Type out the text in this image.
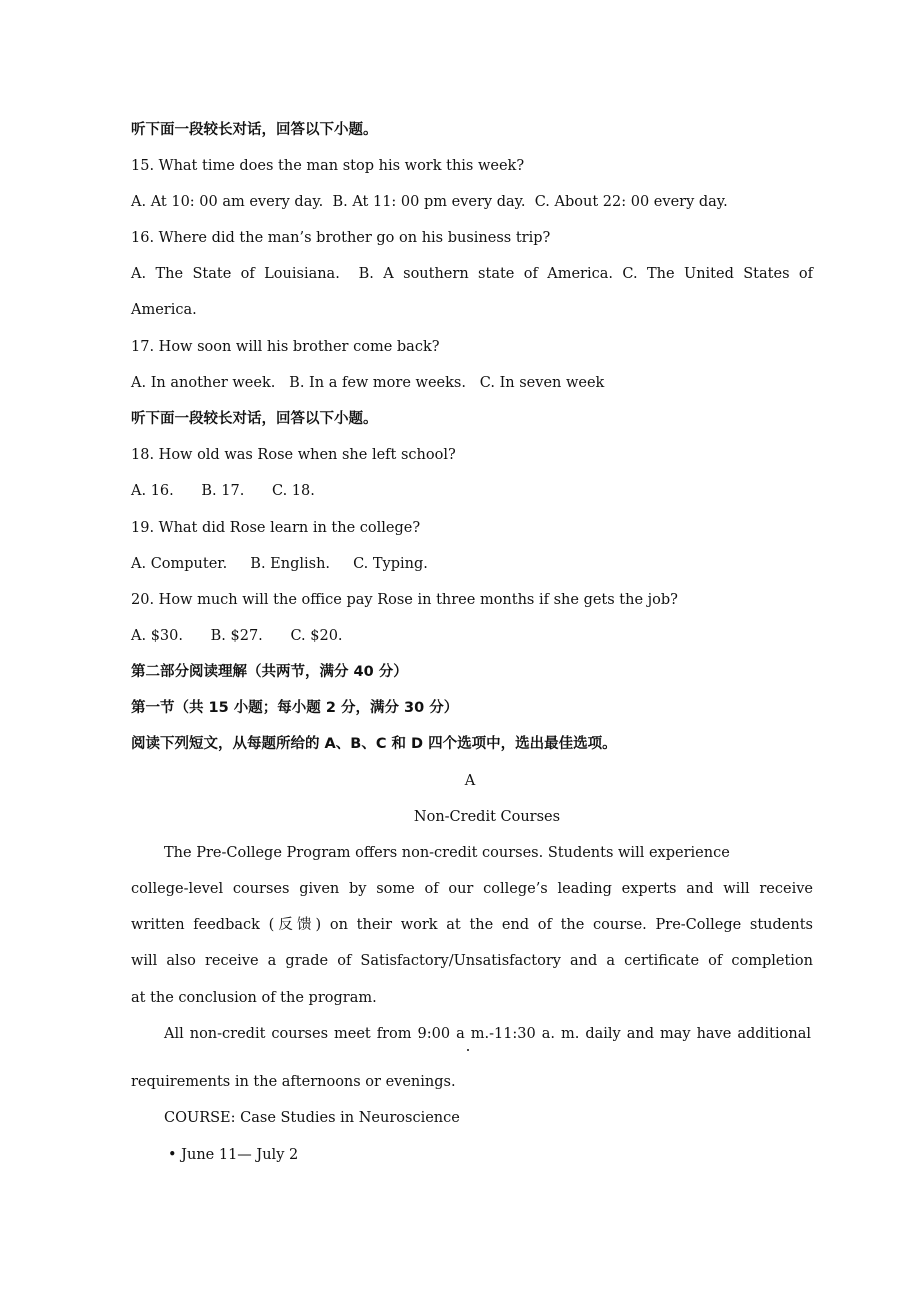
听下面一段较长对话，回答以下小题。
15. What time does the man stop his work this week?
A. At 10: 00 am every day.  B. At 11: 00 pm every day.  C. About 22: 00 every day.
16. Where did the man’s brother go on his business trip?
A. The State of Louisiana.  B. A southern state of America. C. The United States of
America.
17. How soon will his brother come back?
A. In another week.   B. In a few more weeks.   C. In seven week
听下面一段较长对话，回答以下小题。
18. How old was Rose when she left school?
A. 16.      B. 17.      C. 18.
19. What did Rose learn in the college?
A. Computer.     B. English.     C. Typing.
20. How much will the office pay Rose in three months if she gets the job?
A. $30.      B. $27.      C. $20.
第二部分阅读理解（共两节，满分 40 分）
第一节（共 15 小题；每小题 2 分，满分 30 分）
阅读下列短文，从每题所给的 A、B、C 和 D 四个选项中，选出最佳选项。
A
Non-Credit Courses
The Pre-College Program offers non-credit courses. Students will experience
college-level courses given by some of our college’s leading experts and will receive
written feedback (反馈) on their work at the end of the course. Pre-College students
will also receive a grade of Satisfactory/Unsatisfactory and a certificate of completion
at the conclusion of the program.
All non-credit courses meet from 9:00 a m.-11:30 a. m. daily and may have additional
requirements in the afternoons or evenings.
COURSE: Case Studies in Neuroscience
• June 11— July 2
